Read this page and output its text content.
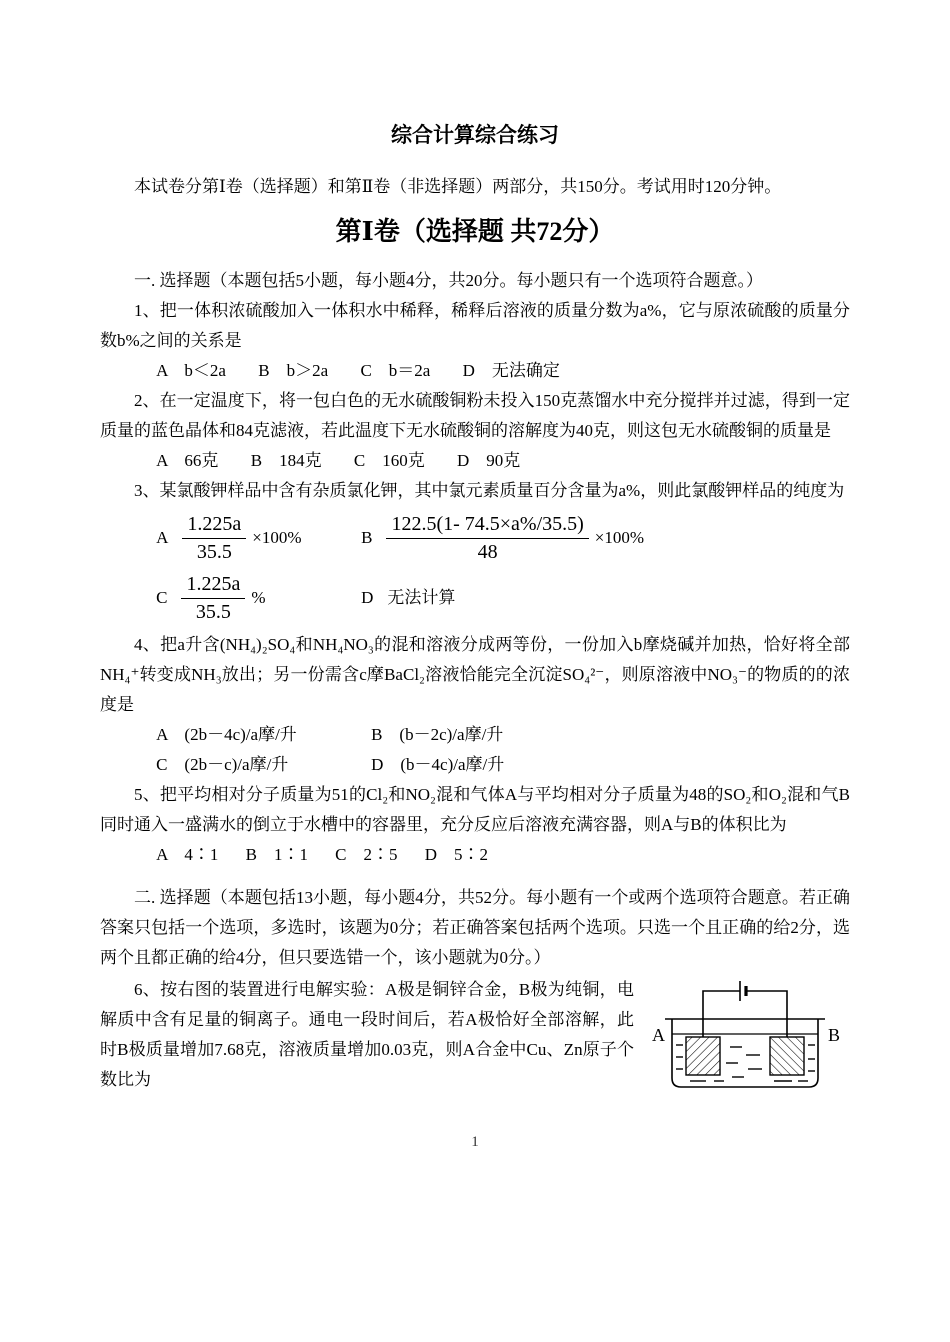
综合计算综合练习

本试卷分第Ⅰ卷（选择题）和第Ⅱ卷（非选择题）两部分，共150分。考试用时120分钟。

第Ⅰ卷（选择题 共72分）

一. 选择题（本题包括5小题，每小题4分，共20分。每小题只有一个选项符合题意。）

1、把一体积浓硫酸加入一体积水中稀释，稀释后溶液的质量分数为a%，它与原浓硫酸的质量分数b%之间的关系是

A　b＜2a B　b＞2a C　b＝2a D　无法确定

2、在一定温度下，将一包白色的无水硫酸铜粉未投入150克蒸馏水中充分搅拌并过滤，得到一定质量的蓝色晶体和84克滤液，若此温度下无水硫酸铜的溶解度为40克，则这包无水硫酸铜的质量是

A　66克 B　184克 C　160克 D　90克

3、某氯酸钾样品中含有杂质氯化钾，其中氯元素质量百分含量为a%，则此氯酸钾样品的纯度为

A $\frac{1.225a}{35.5} \times 100\%$	B $\frac{122.5(1- 74.5\times a\%/35.5)}{48} \times 100\%$
C $\frac{1.225a}{35.5}$ %	D 无法计算

4、把a升含(NH₄)₂SO₄和NH₄NO₃的混和溶液分成两等份，一份加入b摩烧碱并加热，恰好将全部NH₄⁺转变成NH₃放出；另一份需含c摩BaCl₂溶液恰能完全沉淀SO₄²⁻，则原溶液中NO₃⁻的物质的的浓度是

A　(2b－4c)/a摩/升	B　(b－2c)/a摩/升
C　(2b－c)/a摩/升	D　(b－4c)/a摩/升

5、把平均相对分子质量为51的Cl₂和NO₂混和气体A与平均相对分子质量为48的SO₂和O₂混和气B同时通入一盛满水的倒立于水槽中的容器里，充分反应后溶液充满容器，则A与B的体积比为

A　4∶1 B　1∶1 C　2∶5 D　5∶2

二. 选择题（本题包括13小题，每小题4分，共52分。每小题有一个或两个选项符合题意。若正确答案只包括一个选项，多选时，该题为0分；若正确答案包括两个选项。只选一个且正确的给2分，选两个且都正确的给4分，但只要选错一个，该小题就为0分。）

A	B

6、按右图的装置进行电解实验：A极是铜锌合金，B极为纯铜，电解质中含有足量的铜离子。通电一段时间后，若A极恰好全部溶解，此时B极质量增加7.68克，溶液质量增加0.03克，则A合金中Cu、Zn原子个数比为

1
